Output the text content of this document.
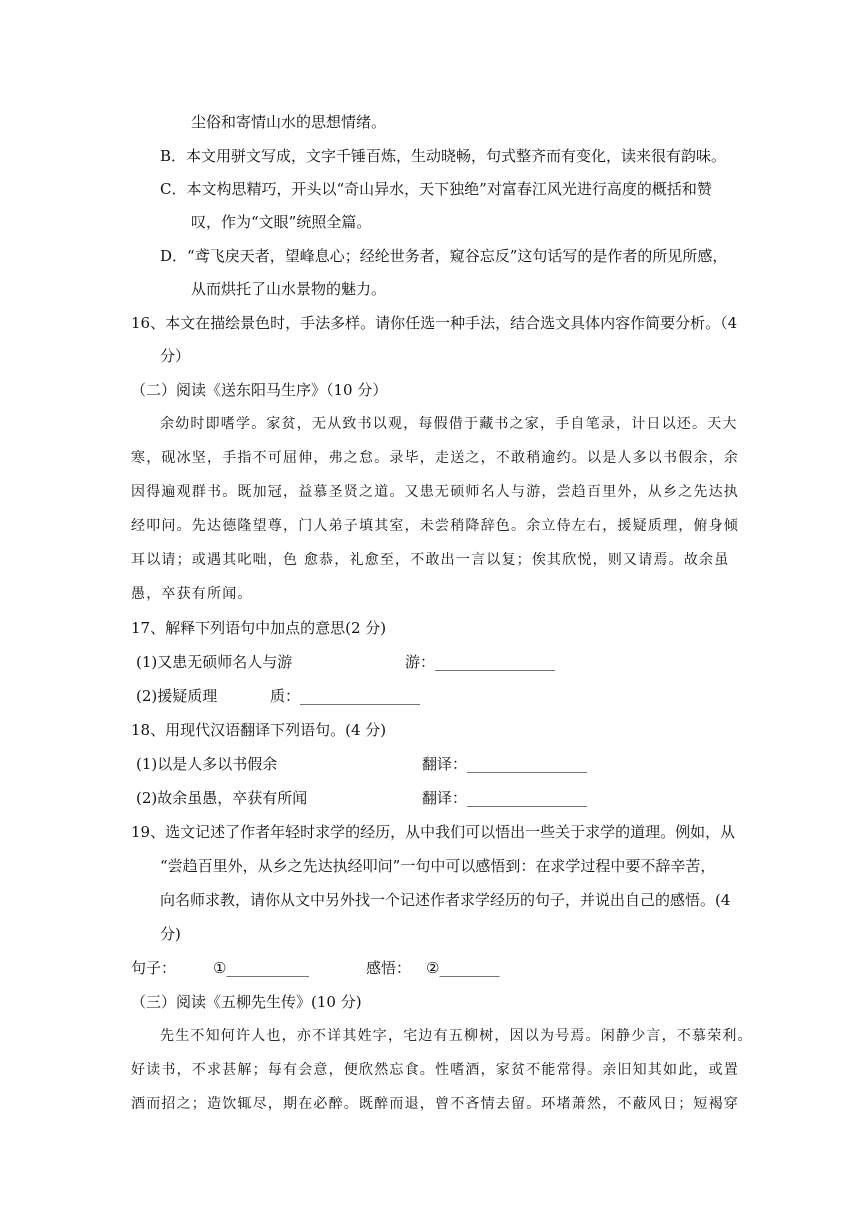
尘俗和寄情山水的思想情绪。
B．本文用骈文写成，文字千锤百炼，生动晓畅，句式整齐而有变化，读来很有韵味。
C．本文构思精巧，开头以“奇山异水，天下独绝”对富春江风光进行高度的概括和赞
叹，作为“文眼”统照全篇。
D．“鸢飞戾天者，望峰息心；经纶世务者，窥谷忘反”这句话写的是作者的所见所感，
从而烘托了山水景物的魅力。
16、本文在描绘景色时，手法多样。请你任选一种手法，结合选文具体内容作简要分析。（4
分）
（二）阅读《送东阳马生序》（10 分）
余幼时即嗜学。家贫，无从致书以观，每假借于藏书之家，手自笔录，计日以还。天大
寒，砚冰坚，手指不可屈伸，弗之怠。录毕，走送之，不敢稍逾约。以是人多以书假余，余
因得遍观群书。既加冠，益慕圣贤之道。又患无硕师名人与游，尝趋百里外，从乡之先达执
经叩问。先达德隆望尊，门人弟子填其室，未尝稍降辞色。余立侍左右，援疑质理，俯身倾
耳以请；或遇其叱咄，色 愈恭，礼愈至，不敢出一言以复；俟其欣悦，则又请焉。故余虽
愚，卒获有所闻。
17、解释下列语句中加点的意思(2 分)
(1)又患无硕师名人与游	游：________________
(2)援疑质理	质：________________
18、用现代汉语翻译下列语句。(4 分)
(1)以是人多以书假余	翻译：________________
(2)故余虽愚，卒获有所闻	翻译：________________
19、选文记述了作者年轻时求学的经历，从中我们可以悟出一些关于求学的道理。例如，从
“尝趋百里外，从乡之先达执经叩问”一句中可以感悟到：在求学过程中要不辞辛苦，
向名师求教，请你从文中另外找一个记述作者求学经历的句子，并说出自己的感悟。(4
分)
句子： ①___________	感悟： ②________
（三）阅读《五柳先生传》(10 分)
先生不知何许人也，亦不详其姓字，宅边有五柳树，因以为号焉。闲静少言，不慕荣利。
好读书，不求甚解；每有会意，便欣然忘食。性嗜酒，家贫不能常得。亲旧知其如此，或置
酒而招之；造饮辄尽，期在必醉。既醉而退，曾不吝情去留。环堵萧然，不蔽风日；短褐穿
